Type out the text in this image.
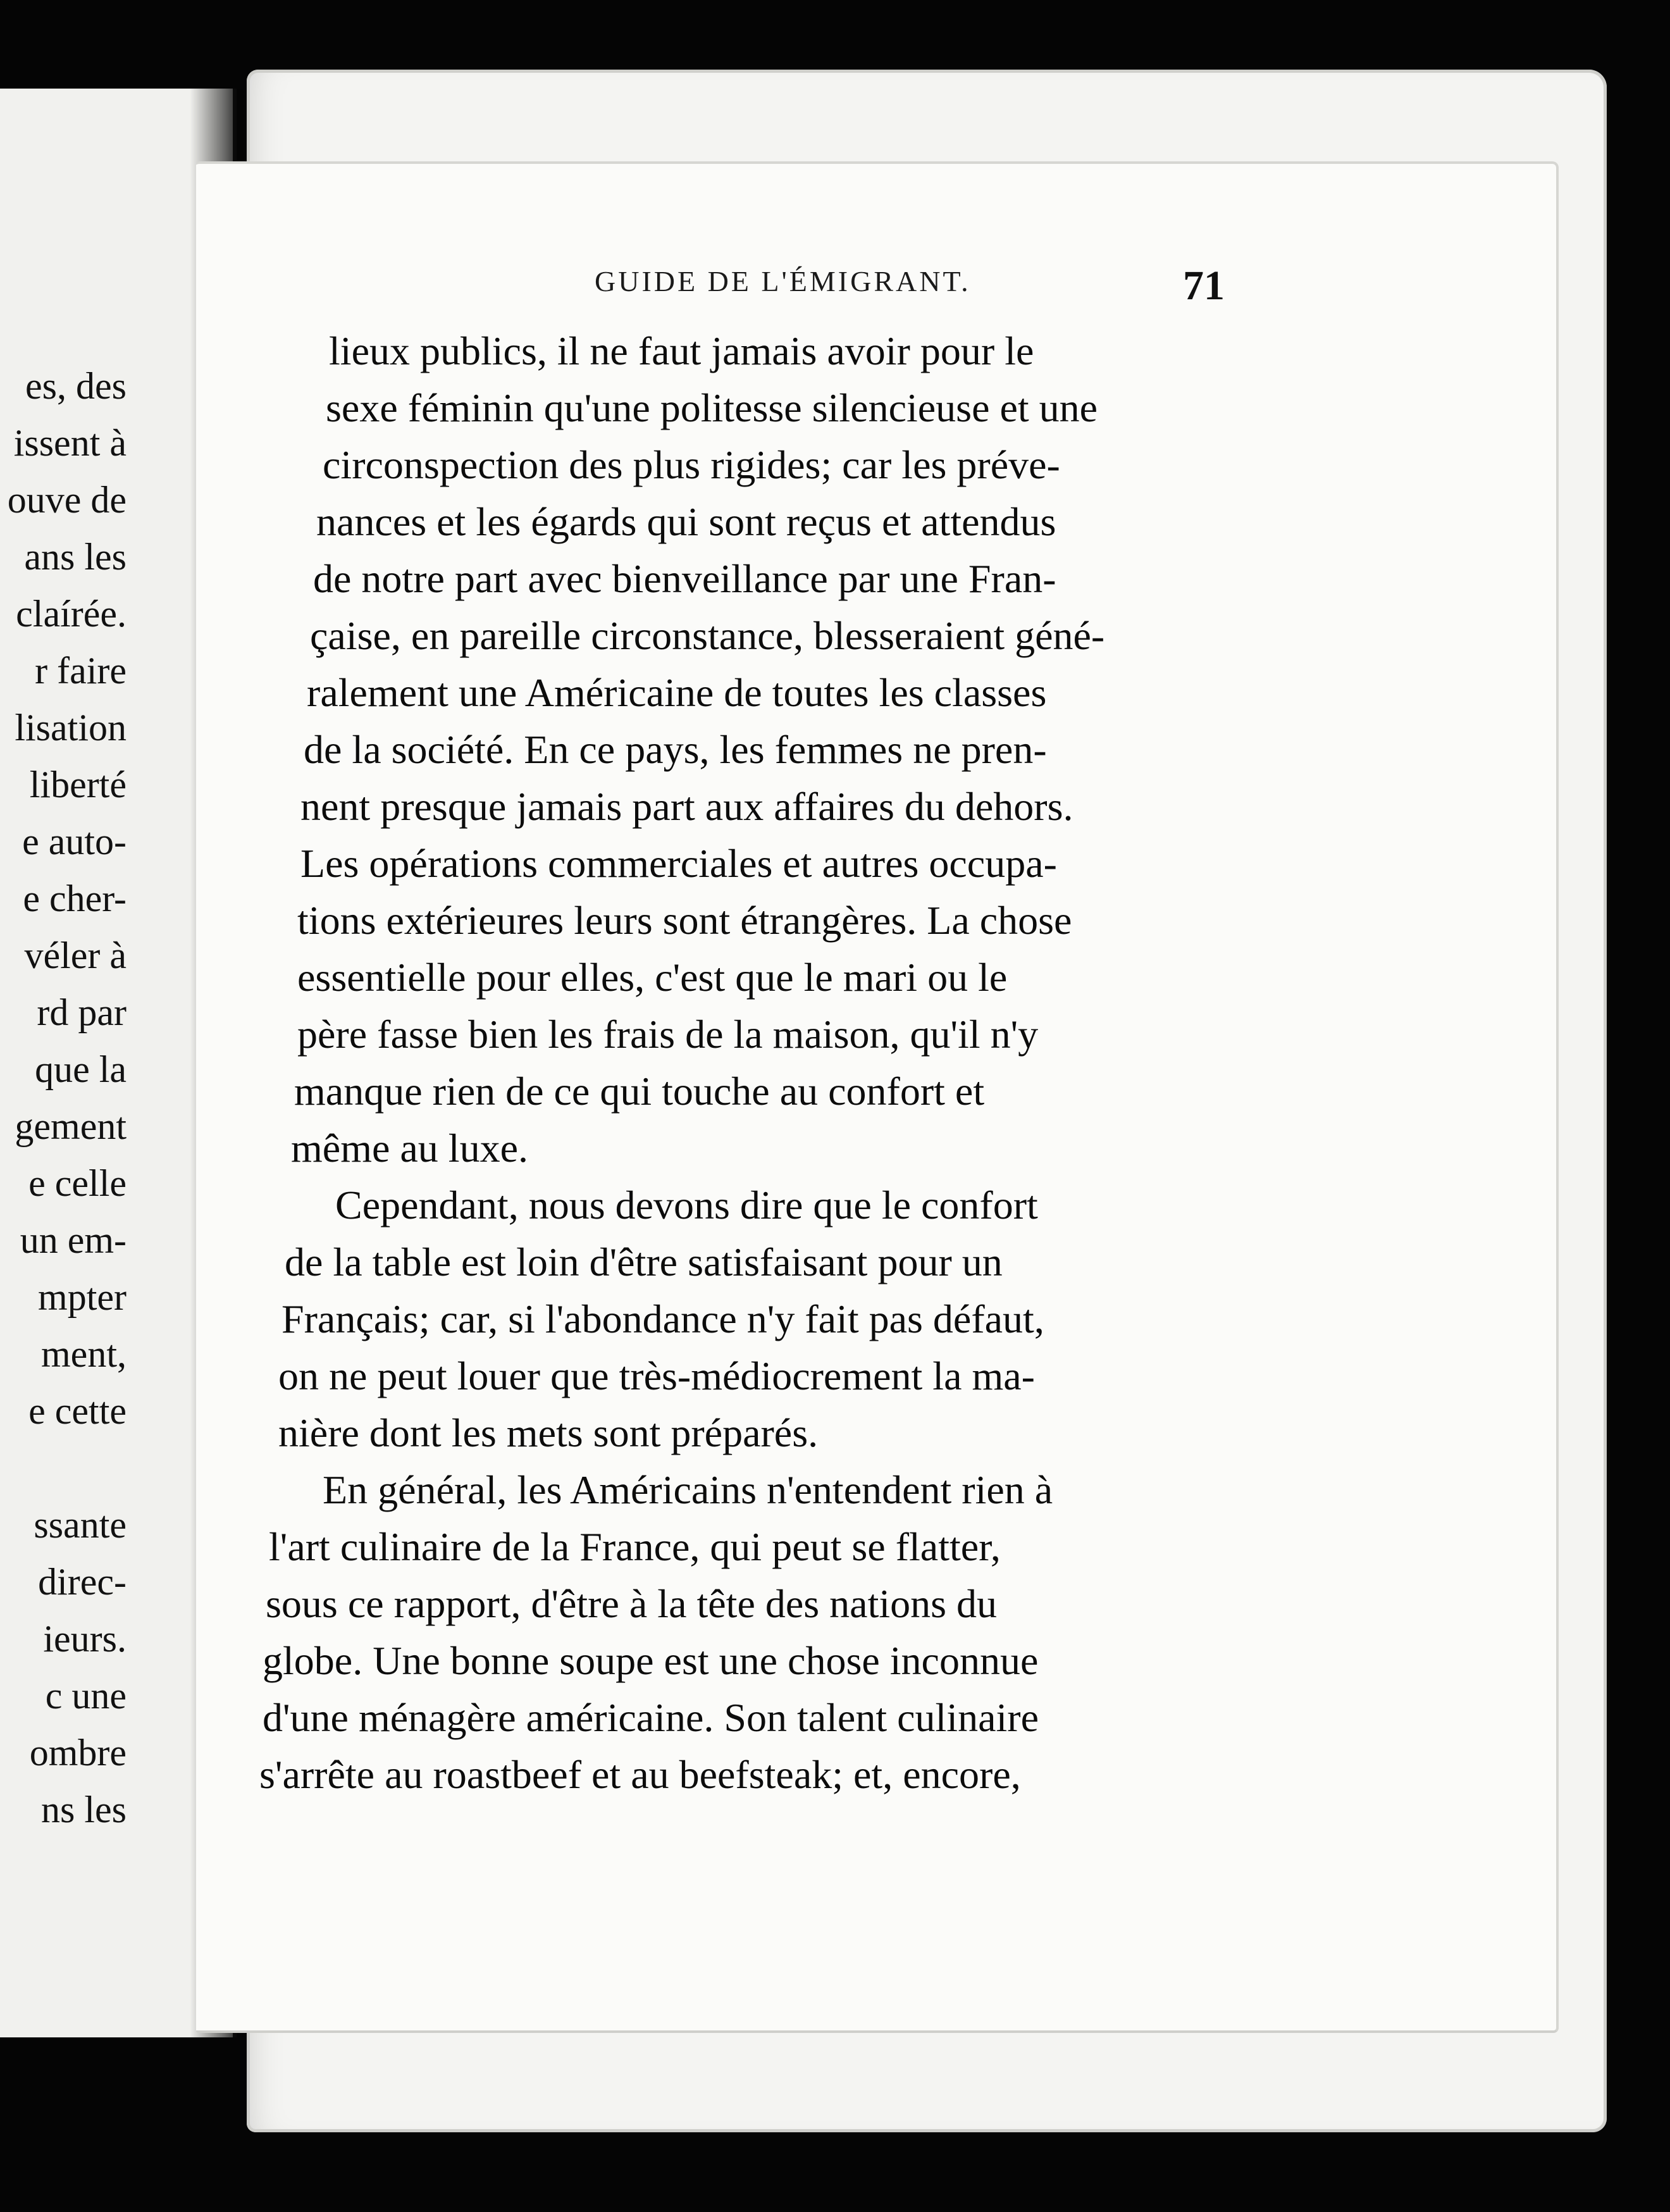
es, des
issent à
ouve de
ans les
claírée.
r faire
lisation
liberté
e auto-
e cher-
véler à
rd par
que la
gement
e celle
un em-
mpter
ment,
e cette
ssante
direc-
ieurs.
c une
ombre
ns les
GUIDE DE L'ÉMIGRANT.	71
lieux publics, il ne faut jamais avoir pour le
sexe féminin qu'une politesse silencieuse et une
circonspection des plus rigides; car les préve-
nances et les égards qui sont reçus et attendus
de notre part avec bienveillance par une Fran-
çaise, en pareille circonstance, blesseraient géné-
ralement une Américaine de toutes les classes
de la société. En ce pays, les femmes ne pren-
nent presque jamais part aux affaires du dehors.
Les opérations commerciales et autres occupa-
tions extérieures leurs sont étrangères. La chose
essentielle pour elles, c'est que le mari ou le
père fasse bien les frais de la maison, qu'il n'y
manque rien de ce qui touche au confort et
même au luxe.
Cependant, nous devons dire que le confort
de la table est loin d'être satisfaisant pour un
Français; car, si l'abondance n'y fait pas défaut,
on ne peut louer que très-médiocrement la ma-
nière dont les mets sont préparés.
En général, les Américains n'entendent rien à
l'art culinaire de la France, qui peut se flatter,
sous ce rapport, d'être à la tête des nations du
globe. Une bonne soupe est une chose inconnue
d'une ménagère américaine. Son talent culinaire
s'arrête au roastbeef et au beefsteak; et, encore,
